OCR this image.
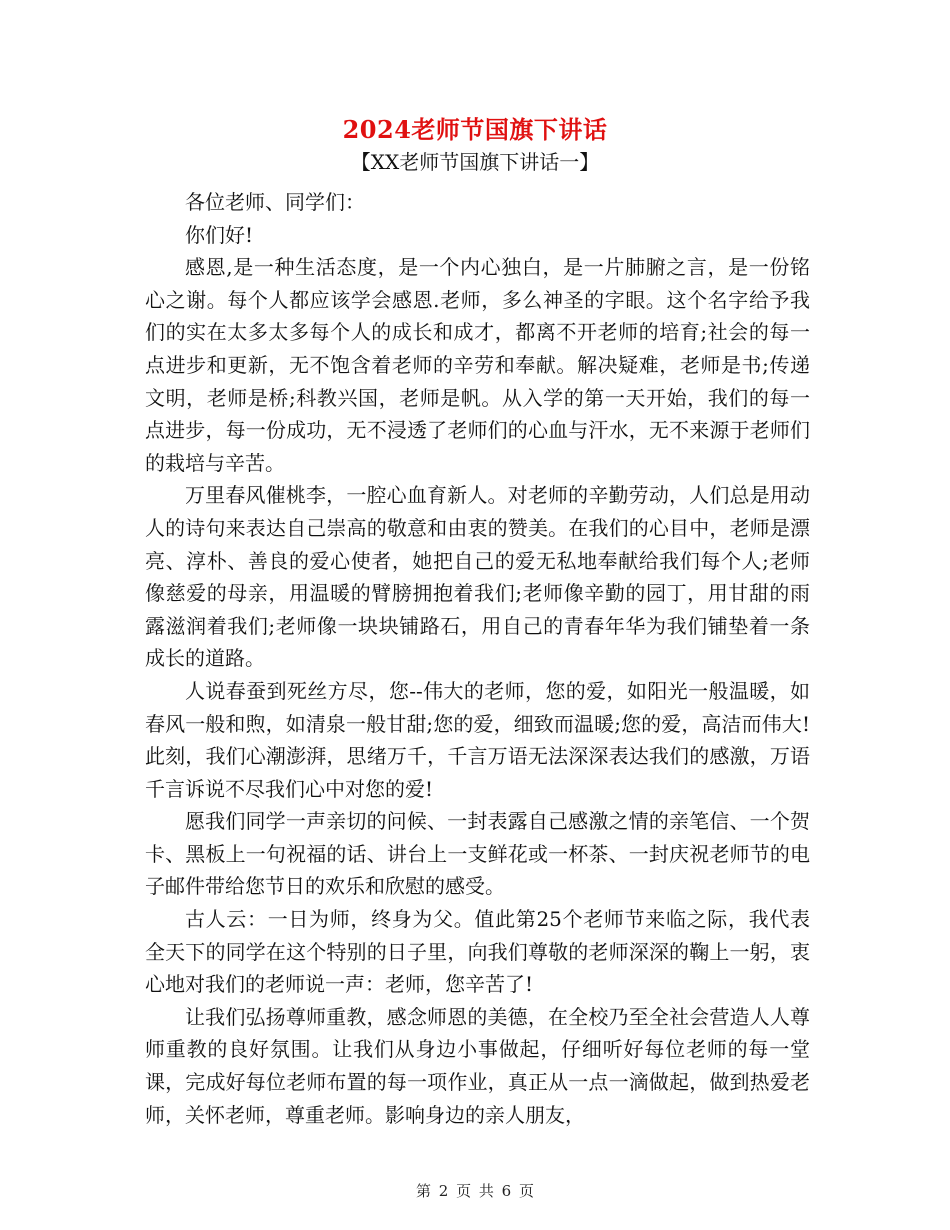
2024老师节国旗下讲话
【XX老师节国旗下讲话一】

各位老师、同学们：

你们好!

感恩,是一种生活态度，是一个内心独白，是一片肺腑之言，是一份铭心之谢。每个人都应该学会感恩.老师，多么神圣的字眼。这个名字给予我们的实在太多太多每个人的成长和成才，都离不开老师的培育;社会的每一点进步和更新，无不饱含着老师的辛劳和奉献。解决疑难，老师是书;传递文明，老师是桥;科教兴国，老师是帆。从入学的第一天开始，我们的每一点进步，每一份成功，无不浸透了老师们的心血与汗水，无不来源于老师们的栽培与辛苦。

万里春风催桃李，一腔心血育新人。对老师的辛勤劳动，人们总是用动人的诗句来表达自己崇高的敬意和由衷的赞美。在我们的心目中，老师是漂亮、淳朴、善良的爱心使者，她把自己的爱无私地奉献给我们每个人;老师像慈爱的母亲，用温暖的臂膀拥抱着我们;老师像辛勤的园丁，用甘甜的雨露滋润着我们;老师像一块块铺路石，用自己的青春年华为我们铺垫着一条成长的道路。

人说春蚕到死丝方尽，您--伟大的老师，您的爱，如阳光一般温暖，如春风一般和煦，如清泉一般甘甜;您的爱，细致而温暖;您的爱，高洁而伟大!此刻，我们心潮澎湃，思绪万千，千言万语无法深深表达我们的感激，万语千言诉说不尽我们心中对您的爱!

愿我们同学一声亲切的问候、一封表露自己感激之情的亲笔信、一个贺卡、黑板上一句祝福的话、讲台上一支鲜花或一杯茶、一封庆祝老师节的电子邮件带给您节日的欢乐和欣慰的感受。

古人云：一日为师，终身为父。值此第25个老师节来临之际，我代表全天下的同学在这个特别的日子里，向我们尊敬的老师深深的鞠上一躬，衷心地对我们的老师说一声：老师，您辛苦了!

让我们弘扬尊师重教，感念师恩的美德，在全校乃至全社会营造人人尊师重教的良好氛围。让我们从身边小事做起，仔细听好每位老师的每一堂课，完成好每位老师布置的每一项作业，真正从一点一滴做起，做到热爱老师，关怀老师，尊重老师。影响身边的亲人朋友，

第 2 页 共 6 页
